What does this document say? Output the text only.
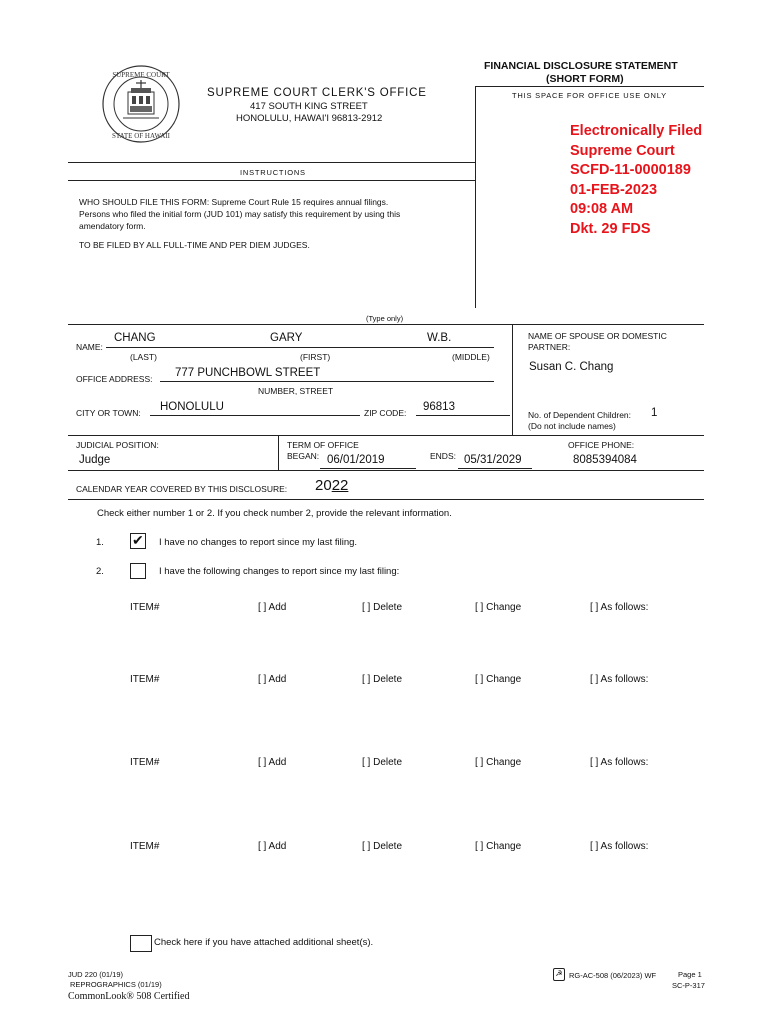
FINANCIAL DISCLOSURE STATEMENT
(SHORT FORM)
THIS SPACE FOR OFFICE USE ONLY
SUPREME COURT
STATE OF HAWAII
SUPREME COURT CLERK'S OFFICE
417 SOUTH KING STREET
HONOLULU, HAWAI'I 96813-2912
Electronically Filed
Supreme Court
SCFD-11-0000189
01-FEB-2023
09:08 AM
Dkt. 29 FDS
INSTRUCTIONS
WHO SHOULD FILE THIS FORM: Supreme Court Rule 15 requires annual filings.
Persons who filed the initial form (JUD 101) may satisfy this requirement by using this
amendatory form.
TO BE FILED BY ALL FULL-TIME AND PER DIEM JUDGES.
(Type only)
NAME:
CHANG	GARY	W.B.
(LAST)	(FIRST)	(MIDDLE)
NAME OF SPOUSE OR DOMESTIC
PARTNER:
Susan C. Chang
OFFICE ADDRESS: 777 PUNCHBOWL STREET
NUMBER, STREET
CITY OR TOWN: HONOLULU	ZIP CODE: 96813
No. of Dependent Children: 1
(Do not include names)
JUDICIAL POSITION:
Judge
TERM OF OFFICE
BEGAN: 06/01/2019	ENDS: 05/31/2029
OFFICE PHONE:
8085394084
CALENDAR YEAR COVERED BY THIS DISCLOSURE: 2022
Check either number 1 or 2. If you check number 2, provide the relevant information.
1. ✔ I have no changes to report since my last filing.
2.	I have the following changes to report since my last filing:
ITEM#	[ ] Add	[ ] Delete	[ ] Change	[ ] As follows:
ITEM#	[ ] Add	[ ] Delete	[ ] Change	[ ] As follows:
ITEM#	[ ] Add	[ ] Delete	[ ] Change	[ ] As follows:
ITEM#	[ ] Add	[ ] Delete	[ ] Change	[ ] As follows:
Check here if you have attached additional sheet(s).
JUD 220 (01/19)
REPROGRAPHICS (01/19)
CommonLook® 508 Certified
☭ RG-AC-508 (06/2023) WF	Page 1
SC-P-317
